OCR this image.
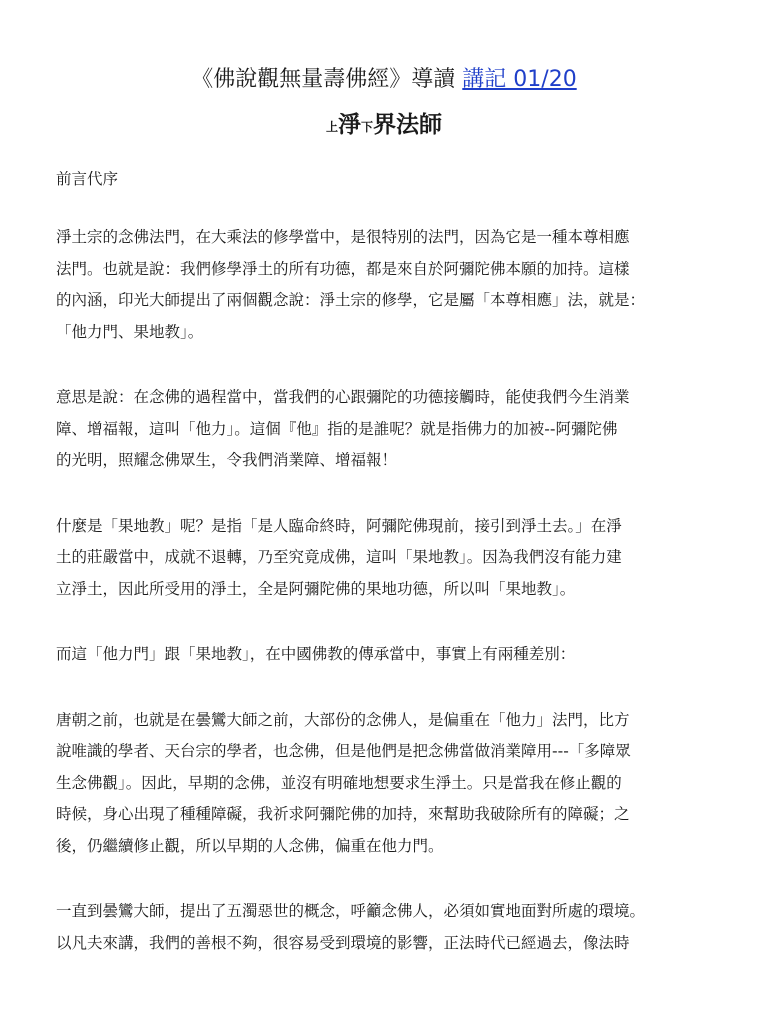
《佛說觀無量壽佛經》導讀 講記 01/20
$^上$淨$^下$界法師
前言代序
淨土宗的念佛法門，在大乘法的修學當中，是很特別的法門，因為它是一種本尊相應
法門。也就是說：我們修學淨土的所有功德，都是來自於阿彌陀佛本願的加持。這樣
的內涵，印光大師提出了兩個觀念說：淨土宗的修學，它是屬「本尊相應」法，就是：
「他力門、果地教」。
意思是說：在念佛的過程當中，當我們的心跟彌陀的功德接觸時，能使我們今生消業
障、增福報，這叫「他力」。這個『他』指的是誰呢？就是指佛力的加被--阿彌陀佛
的光明，照耀念佛眾生，令我們消業障、增福報！
什麼是「果地教」呢？是指「是人臨命終時，阿彌陀佛現前，接引到淨土去。」在淨
土的莊嚴當中，成就不退轉，乃至究竟成佛，這叫「果地教」。因為我們沒有能力建
立淨土，因此所受用的淨土，全是阿彌陀佛的果地功德，所以叫「果地教」。
而這「他力門」跟「果地教」，在中國佛教的傳承當中，事實上有兩種差別：
唐朝之前，也就是在曇鸞大師之前，大部份的念佛人，是偏重在「他力」法門，比方
說唯識的學者、天台宗的學者，也念佛，但是他們是把念佛當做消業障用---「多障眾
生念佛觀」。因此，早期的念佛，並沒有明確地想要求生淨土。只是當我在修止觀的
時候，身心出現了種種障礙，我祈求阿彌陀佛的加持，來幫助我破除所有的障礙；之
後，仍繼續修止觀，所以早期的人念佛，偏重在他力門。
一直到曇鸞大師，提出了五濁惡世的概念，呼籲念佛人，必須如實地面對所處的環境。
以凡夫來講，我們的善根不夠，很容易受到環境的影響，正法時代已經過去，像法時
